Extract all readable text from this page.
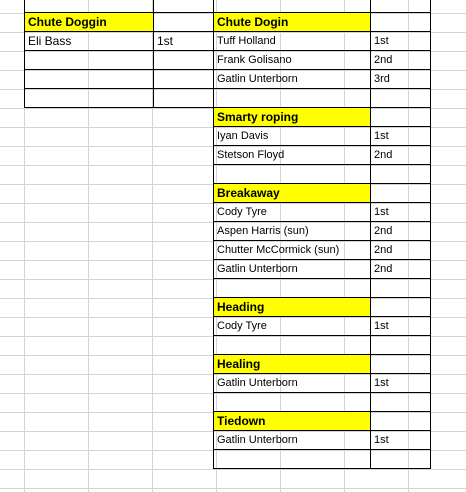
Chute Doggin	
Eli Bass	1st

Chute Dogin	
Tuff Holland	1st
Frank Golisano	2nd
Gatlin Unterborn	3rd

Smarty roping	
Iyan Davis	1st
Stetson Floyd	2nd

Breakaway	
Cody Tyre	1st
Aspen Harris (sun)	2nd
Chutter McCormick (sun)	2nd
Gatlin Unterborn	2nd

Heading	
Cody Tyre	1st

Healing	
Gatlin Unterborn	1st

Tiedown	
Gatlin Unterborn	1st
